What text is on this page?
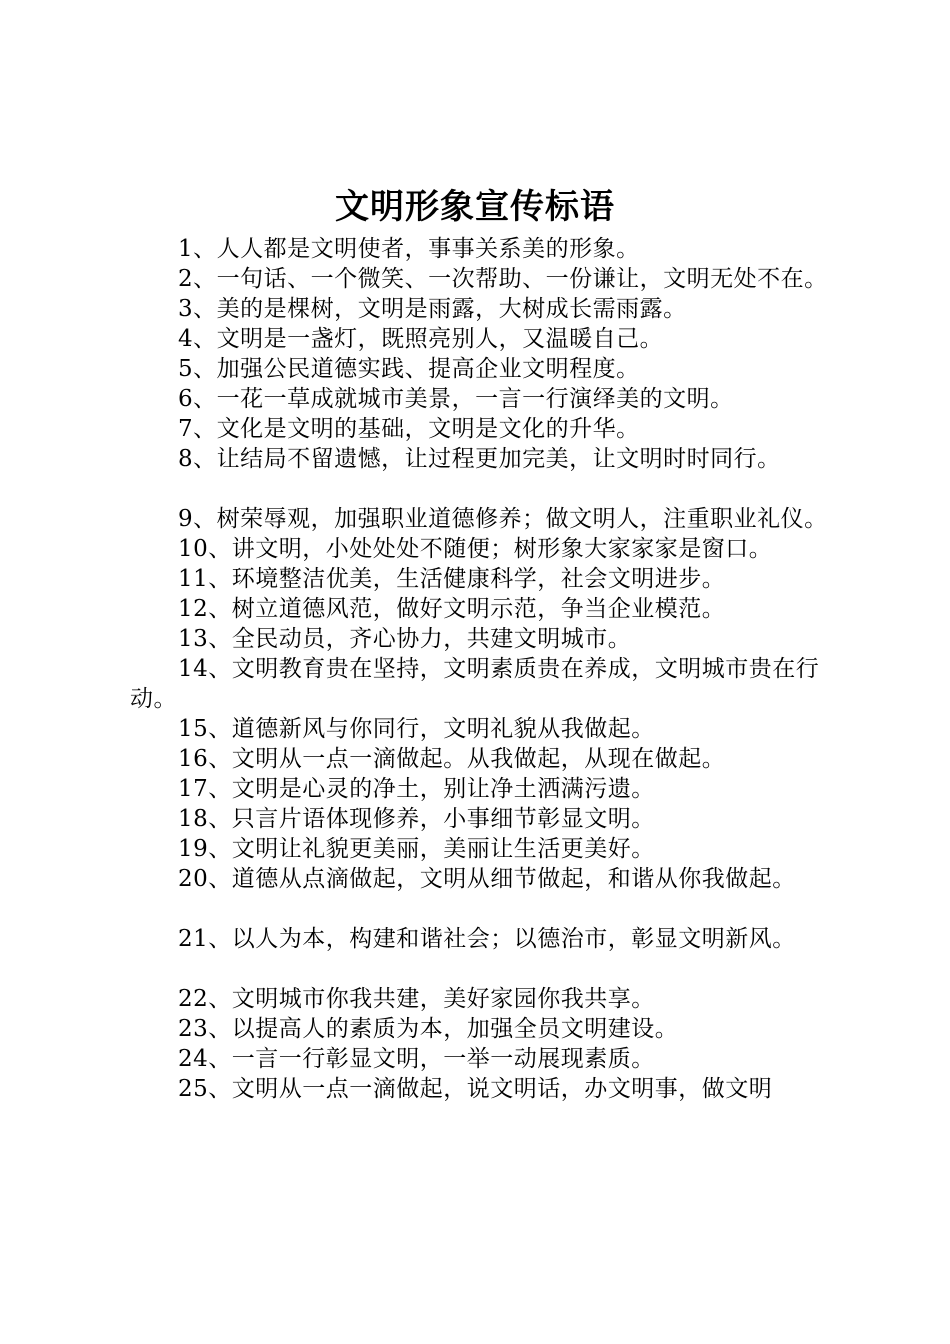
文明形象宣传标语

1、人人都是文明使者，事事关系美的形象。

2、一句话、一个微笑、一次帮助、一份谦让，文明无处不在。

3、美的是棵树，文明是雨露，大树成长需雨露。

4、文明是一盏灯，既照亮别人，又温暖自己。

5、加强公民道德实践、提高企业文明程度。

6、一花一草成就城市美景，一言一行演绎美的文明。

7、文化是文明的基础，文明是文化的升华。

8、让结局不留遗憾，让过程更加完美，让文明时时同行。

9、树荣辱观，加强职业道德修养；做文明人，注重职业礼仪。

10、讲文明，小处处处不随便；树形象大家家家是窗口。

11、环境整洁优美，生活健康科学，社会文明进步。

12、树立道德风范，做好文明示范，争当企业模范。

13、全民动员，齐心协力，共建文明城市。

14、文明教育贵在坚持，文明素质贵在养成，文明城市贵在行动。

15、道德新风与你同行，文明礼貌从我做起。

16、文明从一点一滴做起。从我做起，从现在做起。

17、文明是心灵的净土，别让净土洒满污遗。

18、只言片语体现修养，小事细节彰显文明。

19、文明让礼貌更美丽，美丽让生活更美好。

20、道德从点滴做起，文明从细节做起，和谐从你我做起。

21、以人为本，构建和谐社会；以德治市，彰显文明新风。

22、文明城市你我共建，美好家园你我共享。

23、以提高人的素质为本，加强全员文明建设。

24、一言一行彰显文明，一举一动展现素质。

25、文明从一点一滴做起，说文明话，办文明事，做文明
